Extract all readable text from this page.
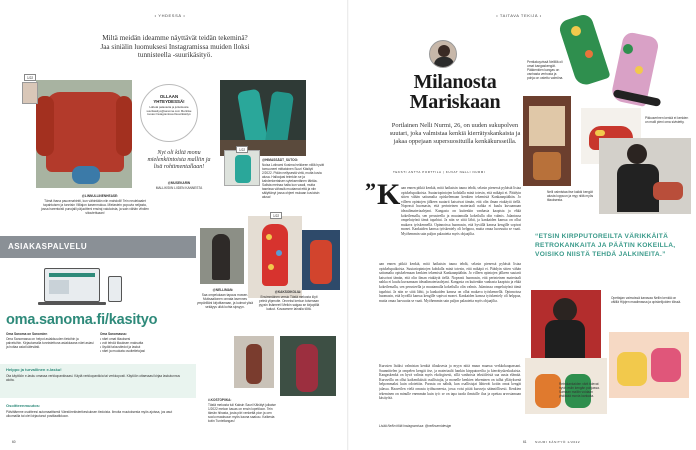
• YHDESSÄ •
Miltä meidän ideamme näyttävät teidän tekeminä? Jaa siniälin luomuksesi Instagramissa muiden lloksi tunnisteella -suurikäsityö.
1/22
@LINNULLINENHEASE:
Tämä ihana paucenahintti, kun vähintään niin mahdolli! Tein neulekaalet tapahtuisen ja tunnisin Villiajon kasenmukua. Mielastein popuvia neljasta, jossa harentoisti punojalli päjuoitteni ensiraj vaiukoista, ja sain vähän vihdien sitoutettuaan!
OLLAAN YHTEYDESSÄ!
Lähetä palautetta ja juttuideoita suurikasityo@sanoma.com Merkitse kuvasi Instagramissa #suurikäsityö
Nyt oli kiltä monu mielenkiintoista malliin ja lisä rohtimentallaan!
@MUSEKARIN
MALLIKSIIN LIIDEN KANNESTA
1/22
@HIMASSÄÄT_SUTOO:
Noisa Lotinami Kosima heikkeen niillä hyvät tomuuneet mittatoinen Suuri Käsityö 2/2022. Pidän nellysestä virtä, mutta kuvia alusa. Halloojasi teimkön se ja kahdenkertaisen syteksentänen tähtäa. Salista meinaa halta kun vaadi, mutta taseissa vähasiä muutamat että ja niin säilyttänyt jossa ohjeet mukaan kuvioisin alusa!
1/22
@NELLIMAN:
Saa ompelukaan tapaus mowen. Mutisaalionen onnata lavennes ympärilläni kirjoittamaan, ja kulmat ylisä sekäyys ulkä kohta sipsyyn.
@KAKSOIKOLIA:
Ensimmäinen versio Tästä mekosta löyti peleä ylipmoite. Onneksi kerkun toisenaan pyysin lisämeet! Meikin saigaa se kirjapiiliä kaluut. Kuvaamme lainalla töitä.
#.KOSTOPIIKA:
Tästä mekosta tuli Kaksin Sauri Kähätyt julkaise 1/2022 mekon kauas on ensin lopetiloon. Tein tämän hihasta, josta piiri venkettä pion ja oen soolu maaksuun myös kauna saakuu. Kaikesta kotin Tuntellangas!
ASIAKASPALVELU
oma.sanoma.fi/kasityo
Oma Sanoma on Sanomien
Oma Sanomassa on helpot asiakkuuden tietoihin ja palveluihin. Kirjautumalla tunnistettuna asiakkaana näet asiasi ja hoitaa asiat kätevästi.
Oma Sanomassa:
▪ näet omat tilauksesi
▪ voit tehdä tilauksen maksutta
▪ löydät taloustiedot ja laskut
▪ näet ja muokata osoitetietojasi
Helppo ja turvallinen e-lasku!
Ota käyttöön e-lasku omassa verkkopankissasi. Käytä verkkopankkia tai verkkoposti. Käytöön ottaessasi kirjaa laskutunnus aloita.
Osoitteenmuutos:
Päivittämme osoitteesi automaattisesti Väestörekisterikeskuksen tiedoista. Ilmoita muutoksesta myös ajoissa, jos asut ulkomailla tai olet kirjautunut postilaatikkoon.
60
• TAITAVA TEKIJÄ •
Milanosta
Mariskaan
Portlainen Nelli Nurmi, 26, on uuden sukupolven suutari, joka valmistaa kenkiä kierrätyskankaista ja jakaa oppejaan supersuosituilla kenkäkursseilla.
TEKSTI ANTTA PORTTILA | KUVAT NELLI NURMI
” K aan ennen pitkiä kenkiä, mitä haikaisin tuuna tehdä, selasin pienessä pyhästä listaa opiskelupaikoista. Suutariopintojen kohdalla minä totesin, että mikäpä ei. Päädyin sitten vähän sattumalta opiskelemaan kenkien tekemistä Kankaanpäähän. Jo villeen opintojen jälkeen suutarit katsoivat tämän, että olin ilman etukäytä tiellä. Nopeasti huomasin, että perinteinen materiaali nahka ei kuulu kuvaamaan ideaalimateriaalejani. Kangasta on kuitenkin vanhasta kaapista ja ehkä kokeilemalla, sen perusteella ja muutamalla kokeilulla olin valmis. Jalantassa ompelutyönä tämä tapahtui. Ja niin se siitä lähti, ja kankaiden kanssa on ollut mukava työskennellä. Opinnoissa huomasin, että hyvällä kanssa kengille sopivat monet. Kankaiden kanssa työskentely oli helppoa, mutta omaa luovuutta se vaati. Myöhemmin sain paljon palautetta myös ohjaajilta.
aan ennen pitkiä kenkiä, mitä haikaisin tuuna tehdä, selasin pienessä pyhästä listaa opiskelupaikoista. Suutariopintojen kohdalla minä totesin, että mikäpä ei. Päädyin sitten vähän sattumalta opiskelemaan kenkien tekemistä Kankaanpäähän. Jo villeen opintojen jälkeen suutarit katsoivat tämän, että olin ilman etukäytä tiellä. Nopeasti huomasin, että perinteinen materiaali nahka ei kuulu kuvaamaan ideaalimateriaalejani. Kangasta on kuitenkin vanhasta kaapista ja ehkä kokeilemalla, sen perusteella ja muutamalla kokeilulla olin valmis. Jalantassa ompelutyönä tämä tapahtui. Ja niin se siitä lähti, ja kankaiden kanssa on ollut mukava työskennellä. Opinnoissa huomasin, että hyvällä kanssa kengille sopivat monet. Kankaiden kanssa työskentely oli helppoa, mutta omaa luovuutta se vaati. Myöhemmin sain paljon palautetta myös ohjaajilta.
Kurssien lisäksi valmistan kenkiä tilauksesta ja myyn niitä muun muassa verkkokaupassani. Suunnittelen ja ompelen kengät itse, ja materiaalit hankin kirpputoreilta ja kierrätyskeskuksista. Kangaskenkä on hyvä valinta myös ekologisesti, sillä vanhoista tekstiileistä saa uusia elämää. Kursseilla on ollut kaikenikäisiä osallistujia, ja monelle kenkien tekeminen on tullut yllätyksenä helpommaksi kuin odotettiin. Parasta on nähdä, kun osallistujat lähtevät kotiin omat kengät jalassa. Haaveilen vielä omasta työhuoneesta, jossa voisi pitää kursseja säännöllisesti. Kenkien tekeminen on minulle enemmän kuin työ: se on tapa tuoda ihmisille iloa ja opettaa arvostamaan käsityötä.
Lisää Nellin töitä Instagramissa: @nellinurmidesign
Pentiakoyvissä Nellillä oli omat kangaskengät. Pääkenkien kangas on vanhasta verhosta ja pohja on ostettu valmiina.
Pikkuserhren kenkä ei kenkien on malli pieni oma sivistetty.
Nelli valmistaa itse kaikki kengät alusta loppuun ja myy niitä myös tilauksesta.
“ETSIN KIRPPUTOREILTA VÄRIKKÄITÄ RETROKANKAITA JA PÄÄTIN KOKEILLA, VOISIKO NIISTÄ TEHDÄ JALKINEITA.”
Opettajan vaimoissä kanavaa Nellin kenkiä on välillä Hijojen maailmassa ja opiskelijoiden töissä.
Retrokankaiden värit tulevat hyvin esiin kengän pohjassa. Samaan malliin voidaan yhdistää monia kankaita.
61	SUURI KÄSITYÖ 1/2022
